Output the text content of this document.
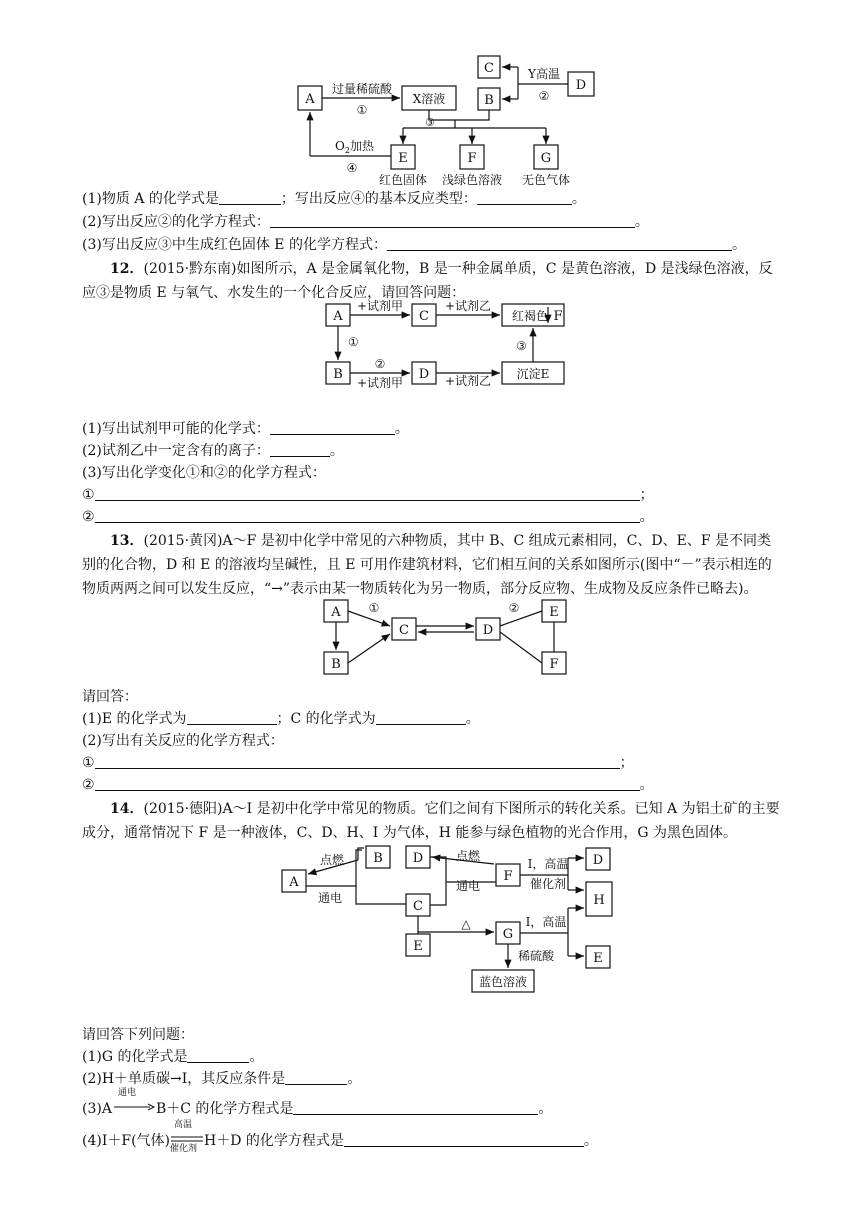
A	X溶液
过量稀硫酸
①
C
B
D
Y高温
②
③
E	F	G
$O_2$加热
④
红色固体 浅绿色溶液 无色气体
(1)物质 A 的化学式是	；写出反应④的基本反应类型：	。
(2)写出反应②的化学方程式：	。
(3)写出反应③中生成红色固体 E 的化学方程式：	。
12．(2015·黔东南)如图所示，A 是金属氧化物，B 是一种金属单质，C 是黄色溶液，D 是浅绿色溶液，反应③是物质 E 与氧气、水发生的一个化合反应，请回答问题：
A	C	红褐色 F
+试剂甲	+试剂乙
①
B
②
+试剂甲
D +试剂乙 沉淀E
③
(1)写出试剂甲可能的化学式：	。
(2)试剂乙中一定含有的离子：	。
(3)写出化学变化①和②的化学方程式：
①	；
②	。
13．(2015·黄冈)A～F 是初中化学中常见的六种物质，其中 B、C 组成元素相同，C、D、E、F 是不同类别的化合物，D 和 E 的溶液均呈碱性，且 E 可用作建筑材料，它们相互间的关系如图所示(图中“－”表示相连的物质两两之间可以发生反应，“→”表示由某一物质转化为另一物质，部分反应物、生成物及反应条件已略去)。
A
B
C	D
E
F
①	②
请回答：
(1)E 的化学式为	；C 的化学式为	。
(2)写出有关反应的化学方程式：
①	；
②	。
14．(2015·德阳)A～I 是初中化学中常见的物质。它们之间有下图所示的转化关系。已知 A 为铝土矿的主要成分，通常情况下 F 是一种液体，C、D、H、I 为气体，H 能参与绿色植物的光合作用，G 为黑色固体。
A
点燃
通电
B D
C
点燃
通电
F
I，高温
催化剂
D
H
E
△
G
I，高温
E
稀硫酸
蓝色溶液
请回答下列问题：
(1)G 的化学式是	。
(2)H＋单质碳→I，其反应条件是	。
(3)A
通电
B＋C 的化学方程式是	。
(4)I＋F(气体)
高温
催化剂 H＋D 的化学方程式是	。
